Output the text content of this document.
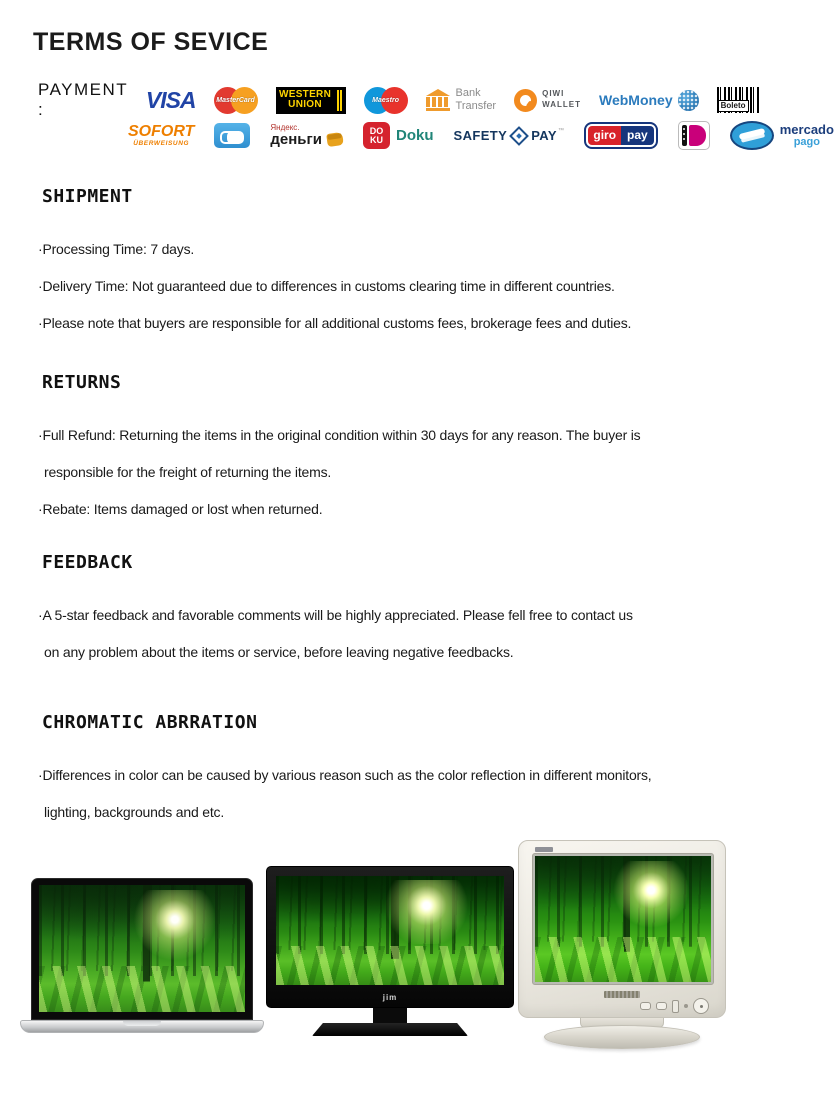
TERMS OF SEVICE
PAYMENT :	VISA	MasterCard
WESTERN
UNION	Maestro
Bank
Transfer
QIWI
WALLET WebMoney	Boleto
SOFORT
ÜBERWEISUNG
Яндекс.
деньги
DO
KU Doku SAFETY PAY ™	giro pay	mercado
pago
SHIPMENT

·Processing Time: 7 days.

·Delivery Time: Not guaranteed due to differences in customs clearing time in different countries.

·Please note that buyers are responsible for all additional customs fees, brokerage fees and duties.

RETURNS

·Full Refund: Returning the items in the original condition within 30 days for any reason. The buyer is

responsible for the freight of returning the items.

·Rebate: Items damaged or lost when returned.

FEEDBACK

·A 5-star feedback and favorable comments will be highly appreciated. Please fell free to contact us

on any problem about the items or service, before leaving negative feedbacks.

CHROMATIC ABRRATION

·Differences in color can be caused by various reason such as the color reflection in different monitors,

lighting, backgrounds and etc.

jim
